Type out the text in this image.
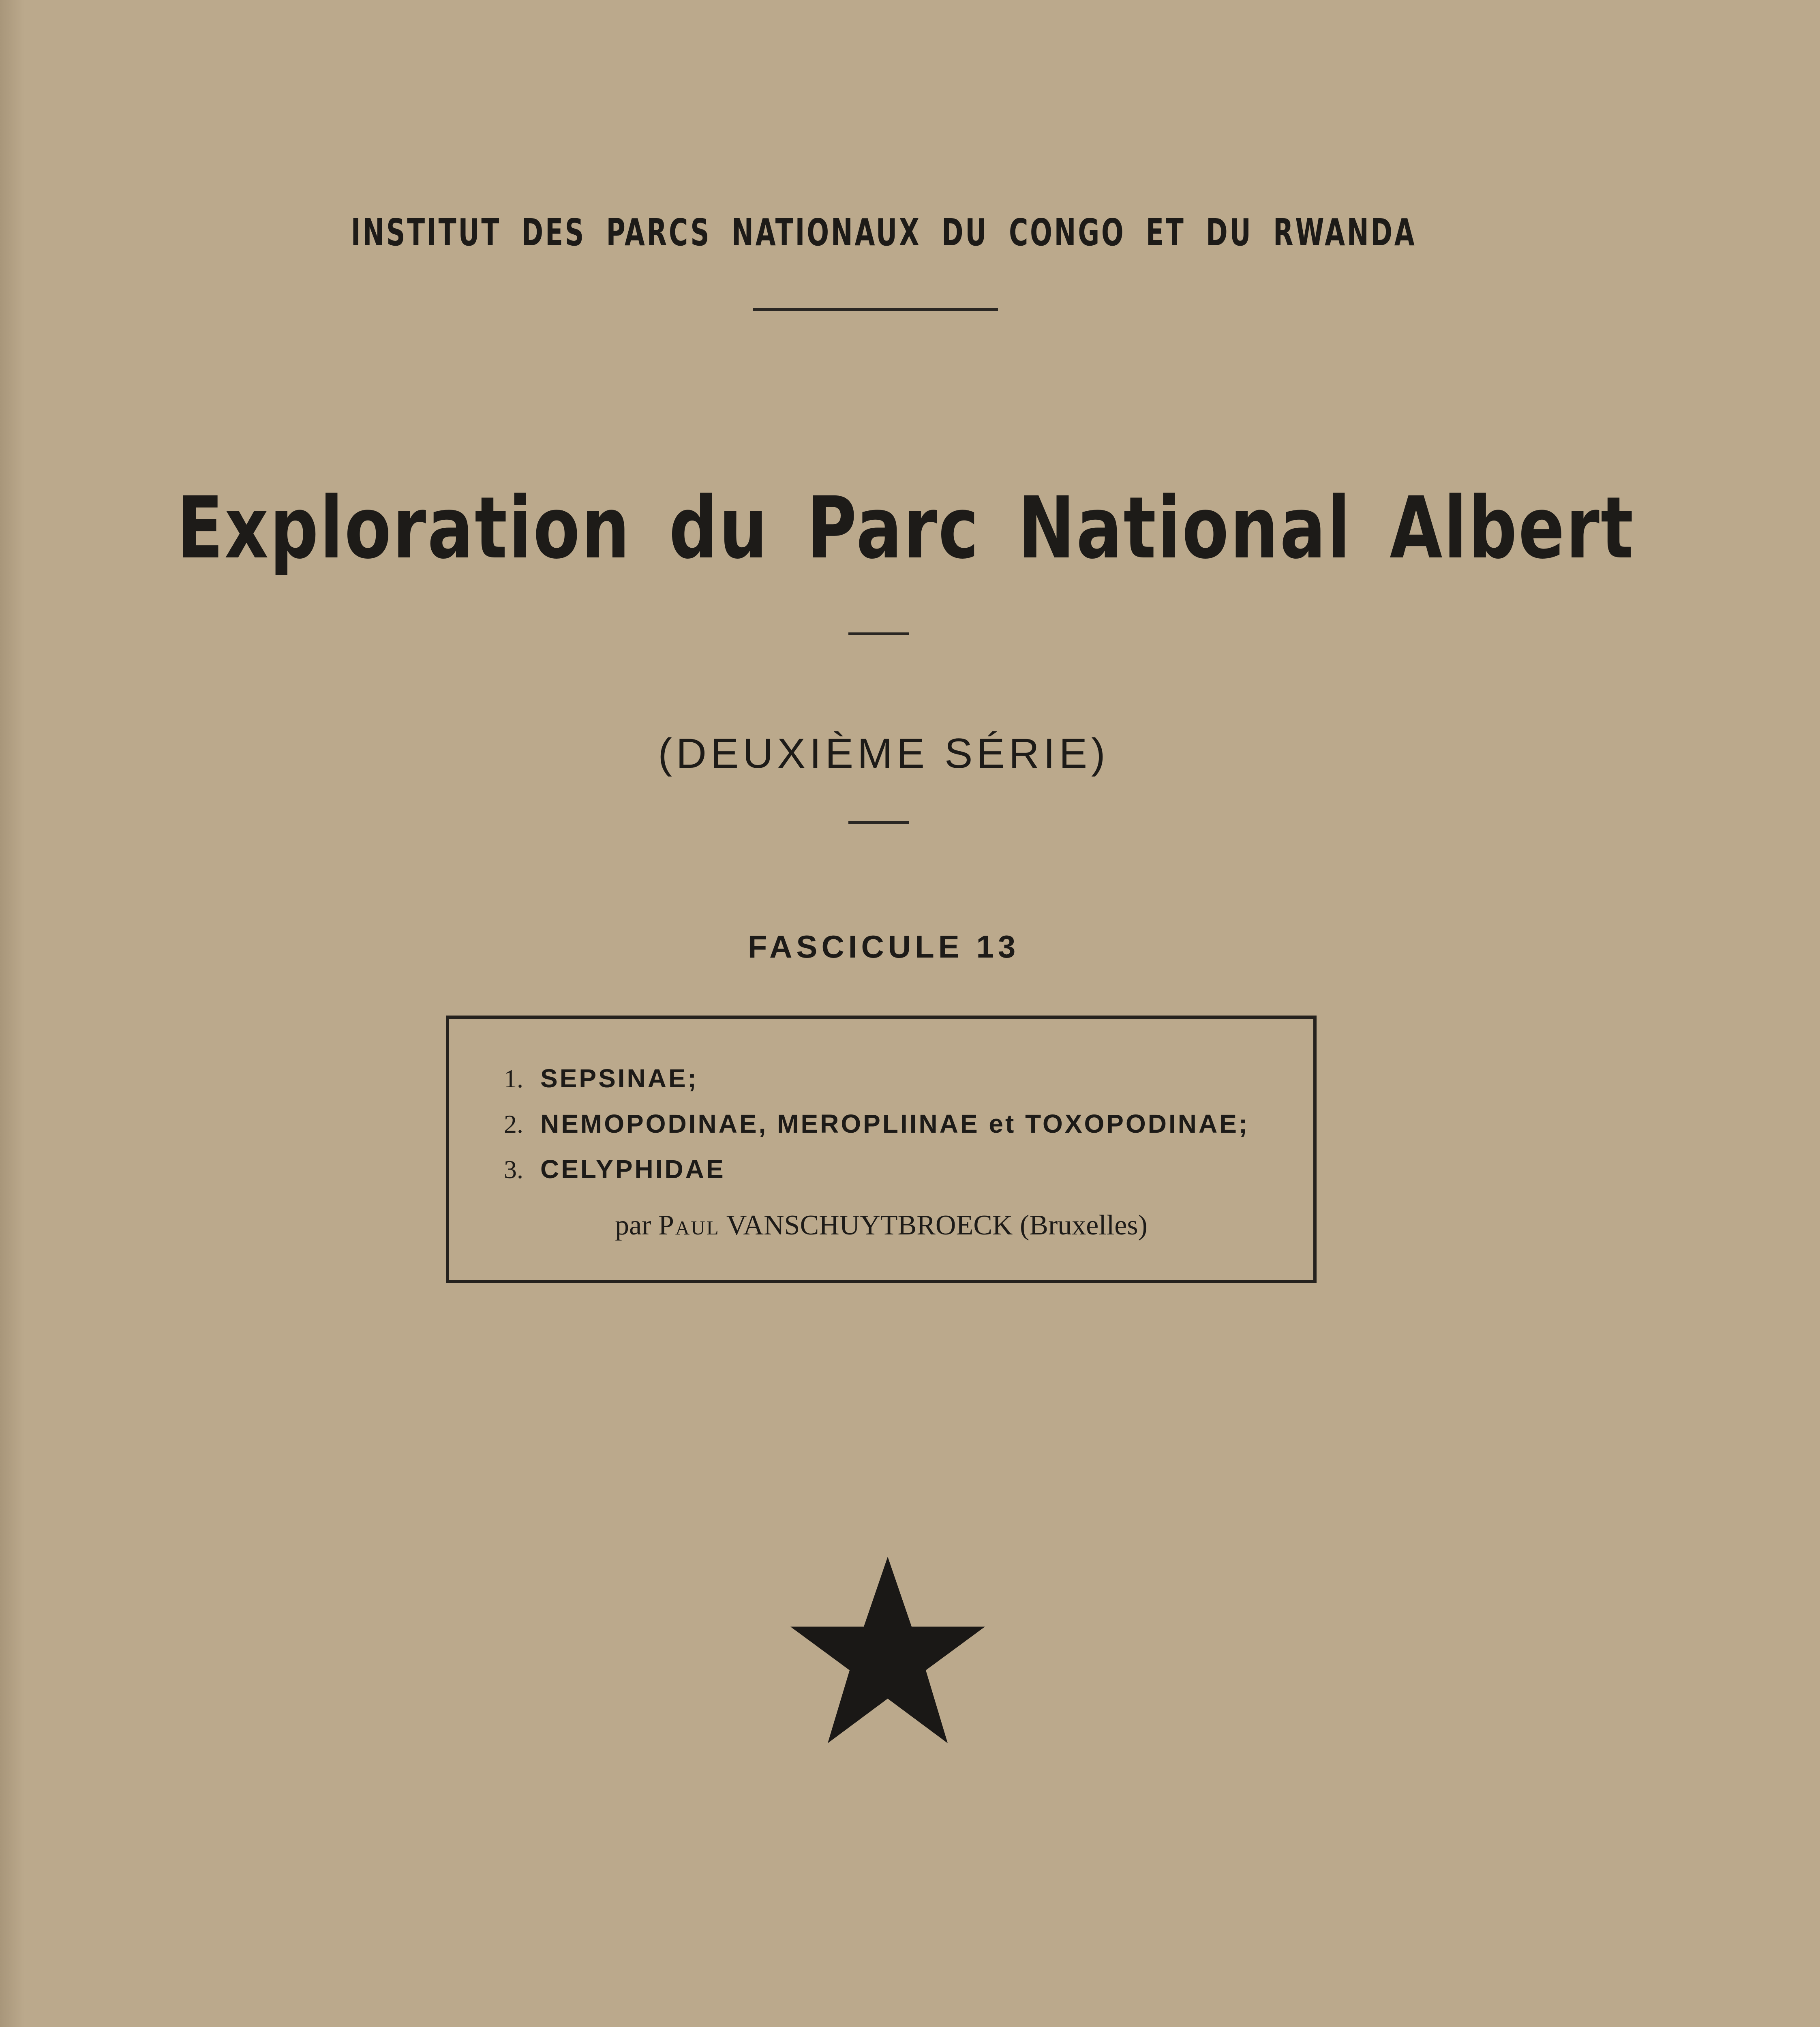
INSTITUT DES PARCS NATIONAUX DU CONGO ET DU RWANDA
Exploration du Parc National Albert
(DEUXIÈME SÉRIE)
FASCICULE 13
1. SEPSINAE;
2. NEMOPODINAE, MEROPLIINAE et TOXOPODINAE;
3. CELYPHIDAE
par Paul VANSCHUYTBROECK (Bruxelles)
